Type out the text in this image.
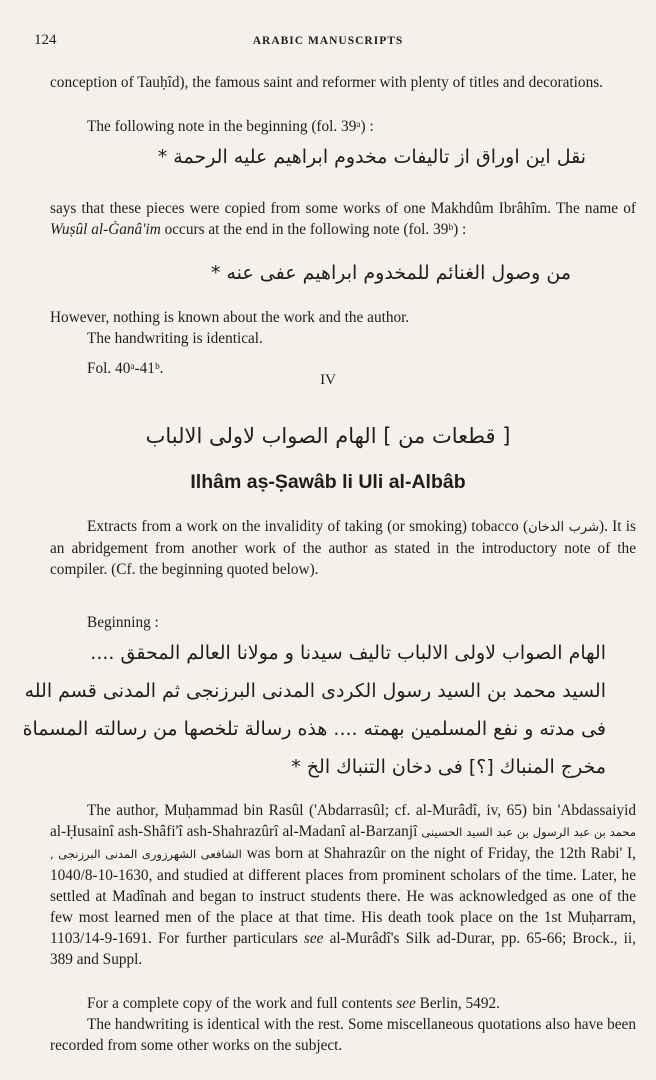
124	ARABIC MANUSCRIPTS
conception of Tauḥîd), the famous saint and reformer with plenty of titles and decorations.
The following note in the beginning (fol. 39ᵃ) :
نقل این اوراق از تالیفات مخدوم ابراهیم علیه الرحمة *
says that these pieces were copied from some works of one Makhdûm Ibrâhîm. The name of Wuṣûl al-Ġanâ'im occurs at the end in the following note (fol. 39ᵇ) :
من وصول الغنائم للمخدوم ابراهیم عفی عنه *
However, nothing is known about the work and the author.
The handwriting is identical.
Fol. 40ᵃ-41ᵇ.
IV
[ قطعات من ] الهام الصواب لاولى الالباب
Ilhâm aṣ-Ṣawâb li Uli al-Albâb
Extracts from a work on the invalidity of taking (or smoking) tobacco (شرب الدخان). It is an abridgement from another work of the author as stated in the introductory note of the compiler. (Cf. the beginning quoted below).
Beginning :
الهام الصواب لاولى الالباب تاليف سيدنا و مولانا العالم المحقق ....
السيد محمد بن السيد رسول الكردى المدنى البرزنجى ثم المدنى قسم الله
فى مدته و نفع المسلمين بهمته .... هذه رسالة تلخصها من رسالته المسماة
مخرج المنباك [؟] فى دخان التنباك الخ *
The author, Muḥammad bin Rasûl ('Abdarrasûl; cf. al-Murâdî, iv, 65) bin 'Abdassaiyid al-Ḥusainî ash-Shâfi'î ash-Shahrazûrî al-Madanî al-Barzanjî محمد بن عبد الرسول بن عبد السيد الحسينى الشافعى الشهرزورى المدنى البرزنجى , was born at Shahrazûr on the night of Friday, the 12th Rabi' I, 1040/8-10-1630, and studied at different places from prominent scholars of the time. Later, he settled at Madînah and began to instruct students there. He was acknowledged as one of the few most learned men of the place at that time. His death took place on the 1st Muḥarram, 1103/14-9-1691. For further particulars see al-Murâdî's Silk ad-Durar, pp. 65-66; Brock., ii, 389 and Suppl.
For a complete copy of the work and full contents see Berlin, 5492.
The handwriting is identical with the rest. Some miscellaneous quotations also have been recorded from some other works on the subject.
